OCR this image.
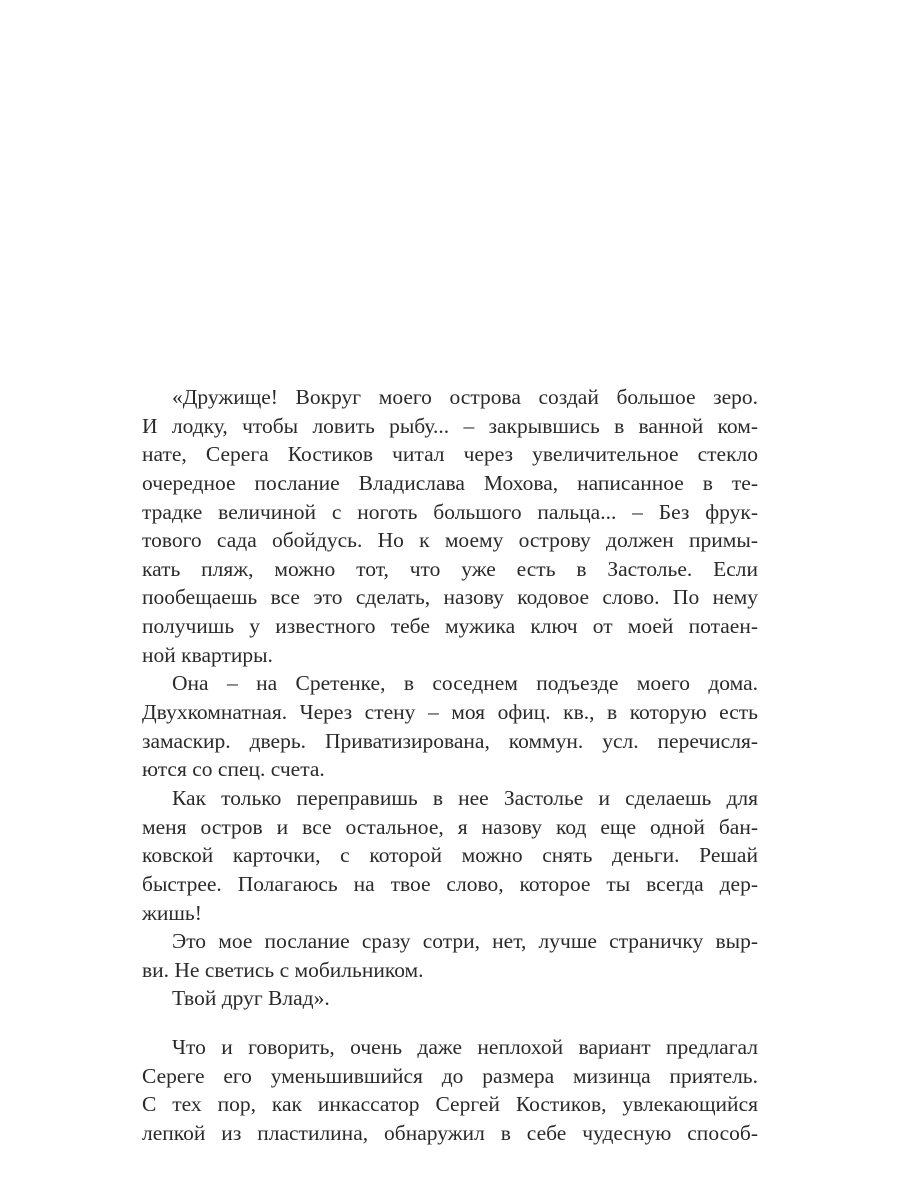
«Дружище! Вокруг моего острова создай большое зеро.
И лодку, чтобы ловить рыбу... – закрывшись в ванной ком-
нате, Серега Костиков читал через увеличительное стекло
очередное послание Владислава Мохова, написанное в те-
традке величиной с ноготь большого пальца... – Без фрук-
тового сада обойдусь. Но к моему острову должен примы-
кать пляж, можно тот, что уже есть в Застолье. Если
пообещаешь все это сделать, назову кодовое слово. По нему
получишь у известного тебе мужика ключ от моей потаен-
ной квартиры.
Она – на Сретенке, в соседнем подъезде моего дома.
Двухкомнатная. Через стену – моя офиц. кв., в которую есть
замаскир. дверь. Приватизирована, коммун. усл. перечисля-
ются со спец. счета.
Как только переправишь в нее Застолье и сделаешь для
меня остров и все остальное, я назову код еще одной бан-
ковской карточки, с которой можно снять деньги. Решай
быстрее. Полагаюсь на твое слово, которое ты всегда дер-
жишь!
Это мое послание сразу сотри, нет, лучше страничку выр-
ви. Не светись с мобильником.
Твой друг Влад».
Что и говорить, очень даже неплохой вариант предлагал
Сереге его уменьшившийся до размера мизинца приятель.
С тех пор, как инкассатор Сергей Костиков, увлекающийся
лепкой из пластилина, обнаружил в себе чудесную способ-
